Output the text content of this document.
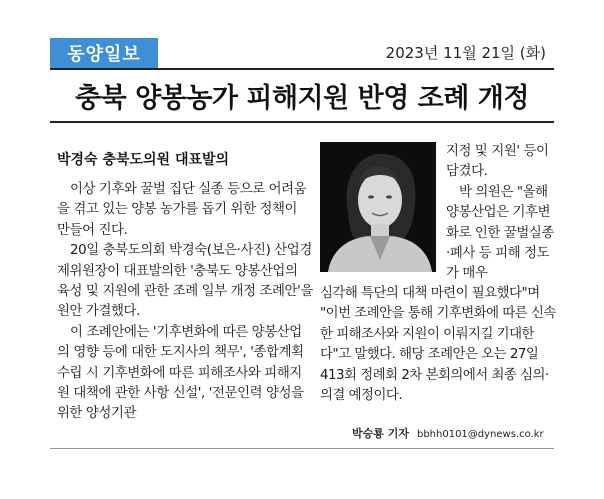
동양일보	2023년 11월 21일 (화)
충북 양봉농가 피해지원 반영 조례 개정
박경숙 충북도의원 대표발의

　이상 기후와 꿀벌 집단 실종 등으로 어려움을 겪고 있는 양봉 농가를 돕기 위한 정책이 만들어 진다.

　20일 충북도의회 박경숙(보은·사진) 산업경제위원장이 대표발의한 '충북도 양봉산업의 육성 및 지원에 관한 조례 일부 개정 조례안'을 원안 가결했다.

　이 조례안에는 '기후변화에 따른 양봉산업의 영향 등에 대한 도지사의 책무', '종합계획 수립 시 기후변화에 따른 피해조사와 피해지원 대책에 관한 사항 신설', '전문인력 양성을 위한 양성기관

지정 및 지원' 등이 담겼다.

　박 의원은 "올해 양봉산업은 기후변화로 인한 꿀벌실종·폐사 등 피해 정도가 매우

심각해 특단의 대책 마련이 필요했다"며 "이번 조례안을 통해 기후변화에 따른 신속한 피해조사와 지원이 이뤄지길 기대한다"고 말했다. 해당 조례안은 오는 27일 413회 정례회 2차 본회의에서 최종 심의·의결 예정이다.

박승룡 기자 bbhh0101@dynews.co.kr
